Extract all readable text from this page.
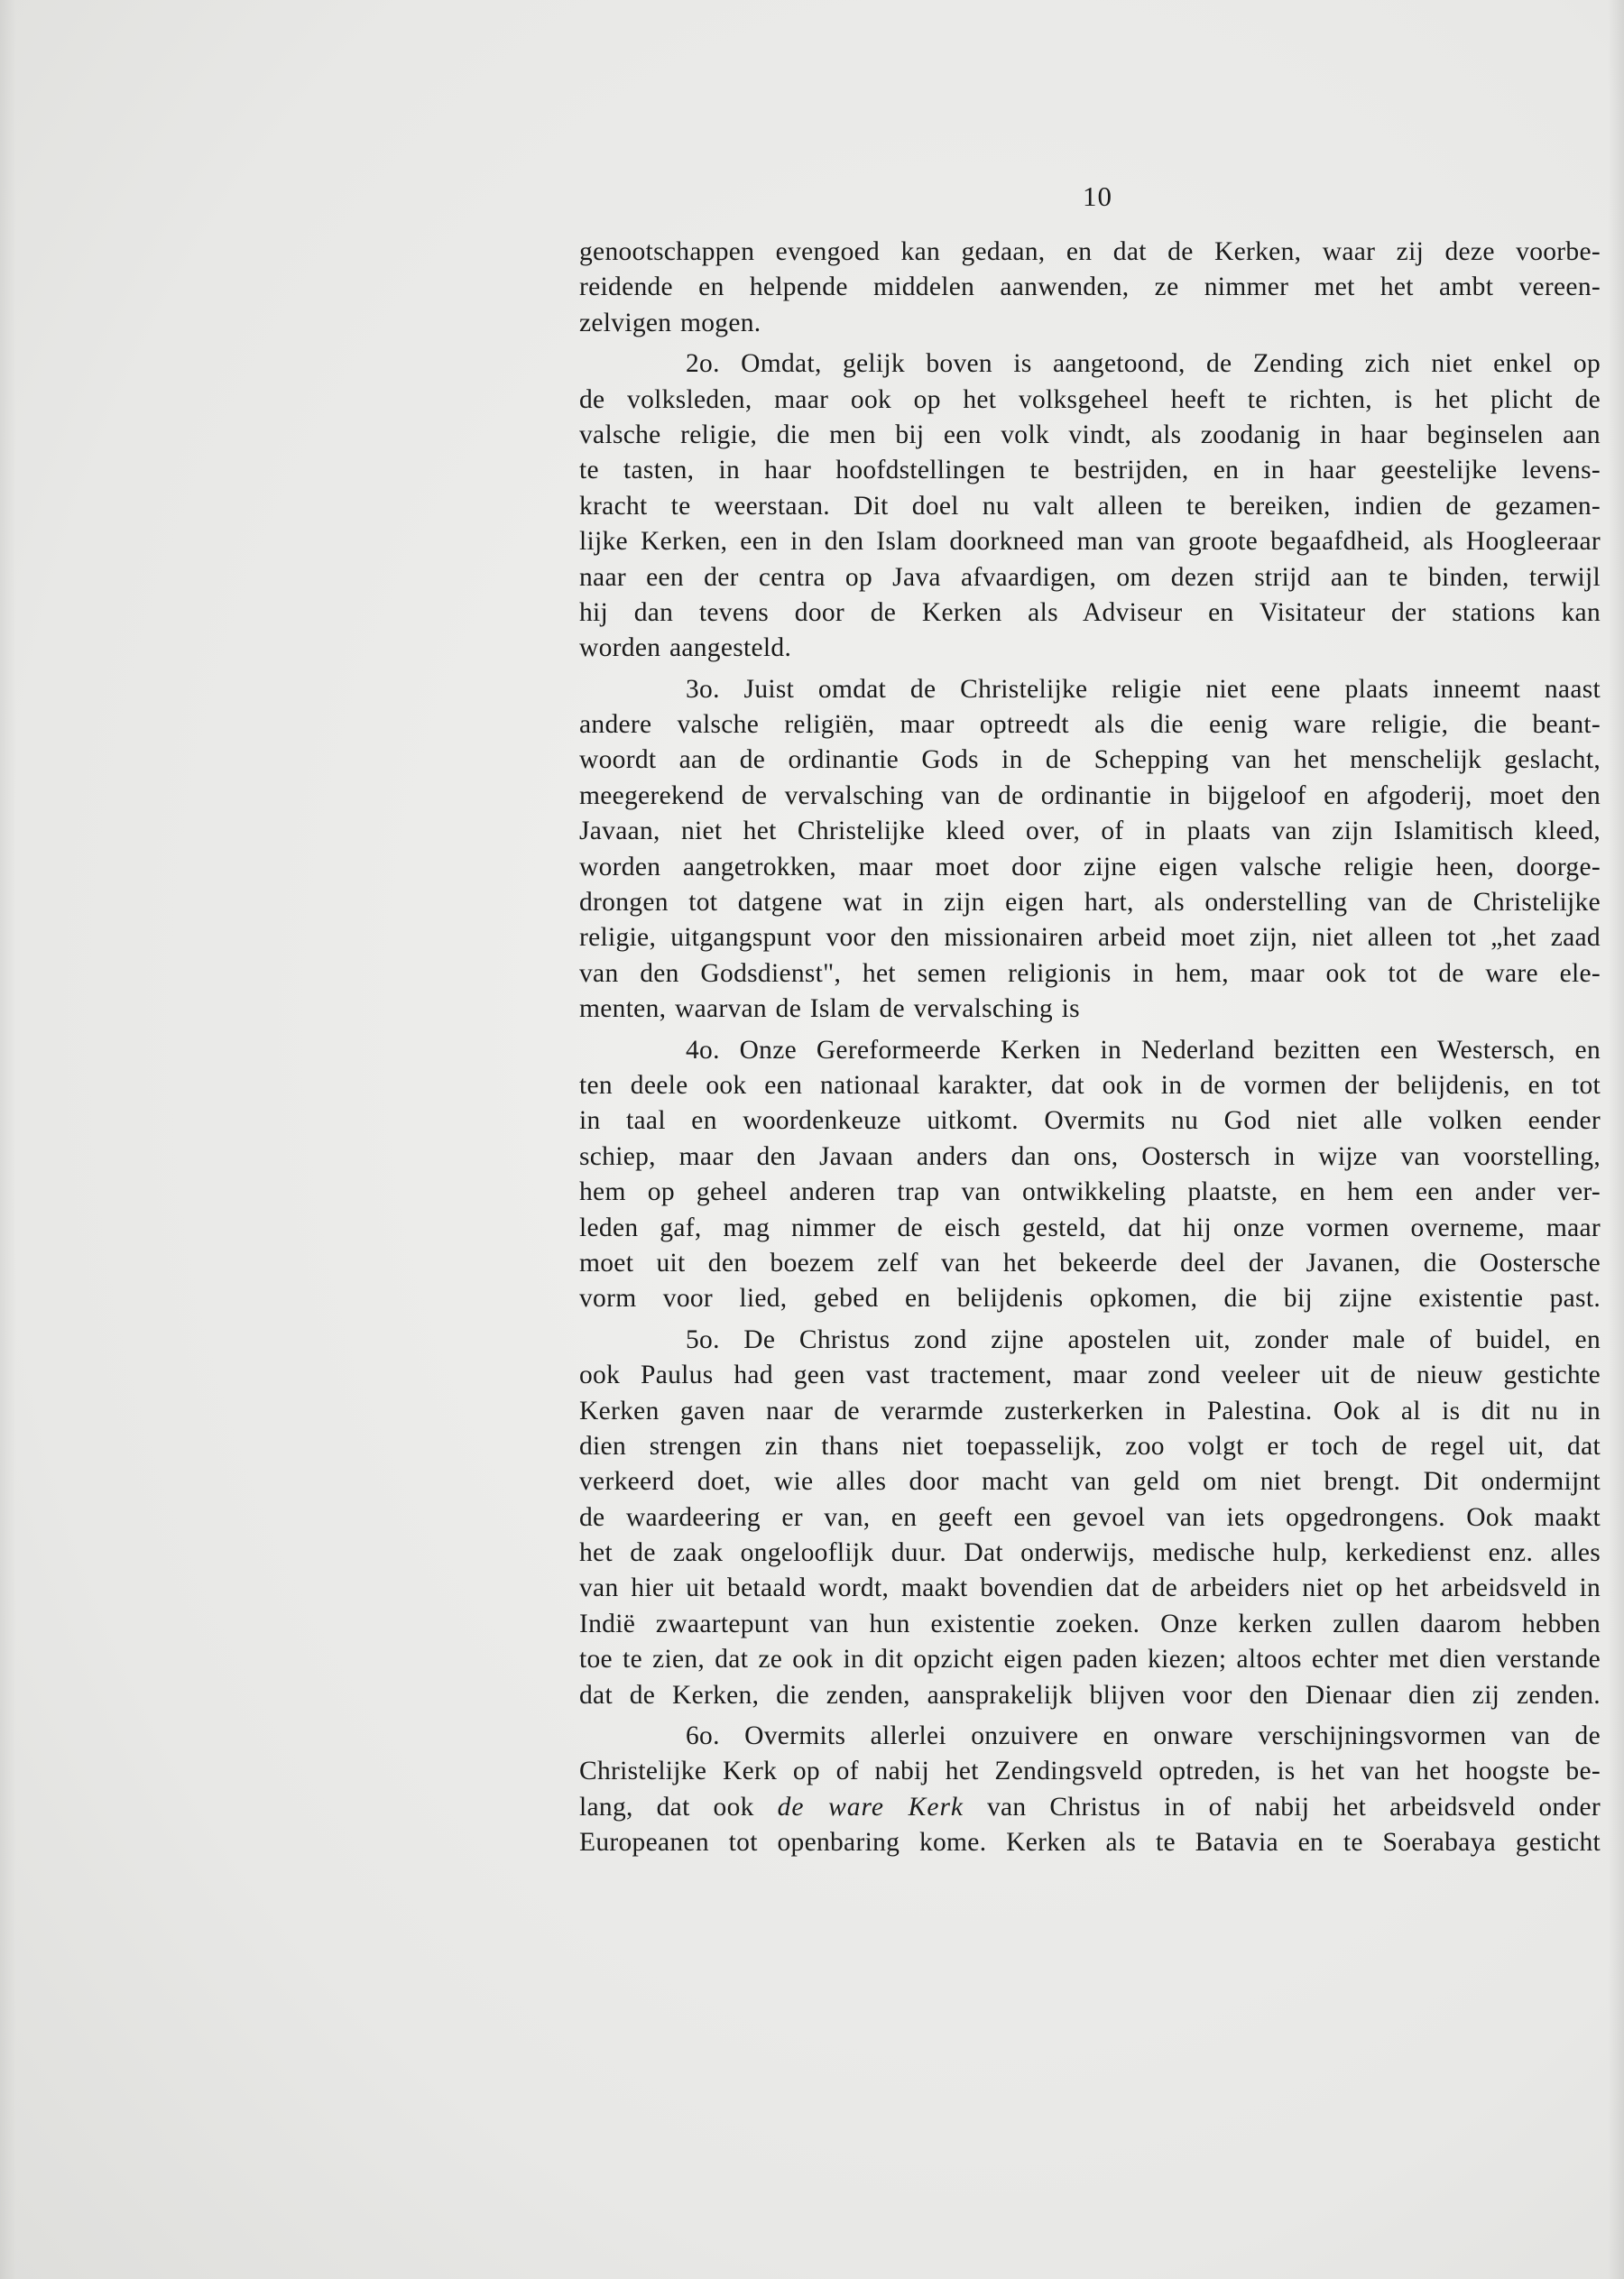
10
genootschappen evengoed kan gedaan, en dat de Kerken, waar zij deze voorbe-
reidende en helpende middelen aanwenden, ze nimmer met het ambt vereen-
zelvigen mogen.
2o. Omdat, gelijk boven is aangetoond, de Zending zich niet enkel op
de volksleden, maar ook op het volksgeheel heeft te richten, is het plicht de
valsche religie, die men bij een volk vindt, als zoodanig in haar beginselen aan
te tasten, in haar hoofdstellingen te bestrijden, en in haar geestelijke levens-
kracht te weerstaan. Dit doel nu valt alleen te bereiken, indien de gezamen-
lijke Kerken, een in den Islam doorkneed man van groote begaafdheid, als Hoogleeraar
naar een der centra op Java afvaardigen, om dezen strijd aan te binden, terwijl
hij dan tevens door de Kerken als Adviseur en Visitateur der stations kan
worden aangesteld.
3o. Juist omdat de Christelijke religie niet eene plaats inneemt naast
andere valsche religiën, maar optreedt als die eenig ware religie, die beant-
woordt aan de ordinantie Gods in de Schepping van het menschelijk geslacht,
meegerekend de vervalsching van de ordinantie in bijgeloof en afgoderij, moet den
Javaan, niet het Christelijke kleed over, of in plaats van zijn Islamitisch kleed,
worden aangetrokken, maar moet door zijne eigen valsche religie heen, doorge-
drongen tot datgene wat in zijn eigen hart, als onderstelling van de Christelijke
religie, uitgangspunt voor den missionairen arbeid moet zijn, niet alleen tot „het zaad
van den Godsdienst", het semen religionis in hem, maar ook tot de ware ele-
menten, waarvan de Islam de vervalsching is
4o. Onze Gereformeerde Kerken in Nederland bezitten een Westersch, en
ten deele ook een nationaal karakter, dat ook in de vormen der belijdenis, en tot
in taal en woordenkeuze uitkomt. Overmits nu God niet alle volken eender
schiep, maar den Javaan anders dan ons, Oostersch in wijze van voorstelling,
hem op geheel anderen trap van ontwikkeling plaatste, en hem een ander ver-
leden gaf, mag nimmer de eisch gesteld, dat hij onze vormen overneme, maar
moet uit den boezem zelf van het bekeerde deel der Javanen, die Oostersche
vorm voor lied, gebed en belijdenis opkomen, die bij zijne existentie past.
5o. De Christus zond zijne apostelen uit, zonder male of buidel, en
ook Paulus had geen vast tractement, maar zond veeleer uit de nieuw gestichte
Kerken gaven naar de verarmde zusterkerken in Palestina. Ook al is dit nu in
dien strengen zin thans niet toepasselijk, zoo volgt er toch de regel uit, dat
verkeerd doet, wie alles door macht van geld om niet brengt. Dit ondermijnt
de waardeering er van, en geeft een gevoel van iets opgedrongens. Ook maakt
het de zaak ongelooflijk duur. Dat onderwijs, medische hulp, kerkedienst enz. alles
van hier uit betaald wordt, maakt bovendien dat de arbeiders niet op het arbeidsveld in
Indië zwaartepunt van hun existentie zoeken. Onze kerken zullen daarom hebben
toe te zien, dat ze ook in dit opzicht eigen paden kiezen; altoos echter met dien verstande
dat de Kerken, die zenden, aansprakelijk blijven voor den Dienaar dien zij zenden.
6o. Overmits allerlei onzuivere en onware verschijningsvormen van de
Christelijke Kerk op of nabij het Zendingsveld optreden, is het van het hoogste be-
lang, dat ook de ware Kerk van Christus in of nabij het arbeidsveld onder
Europeanen tot openbaring kome. Kerken als te Batavia en te Soerabaya gesticht
